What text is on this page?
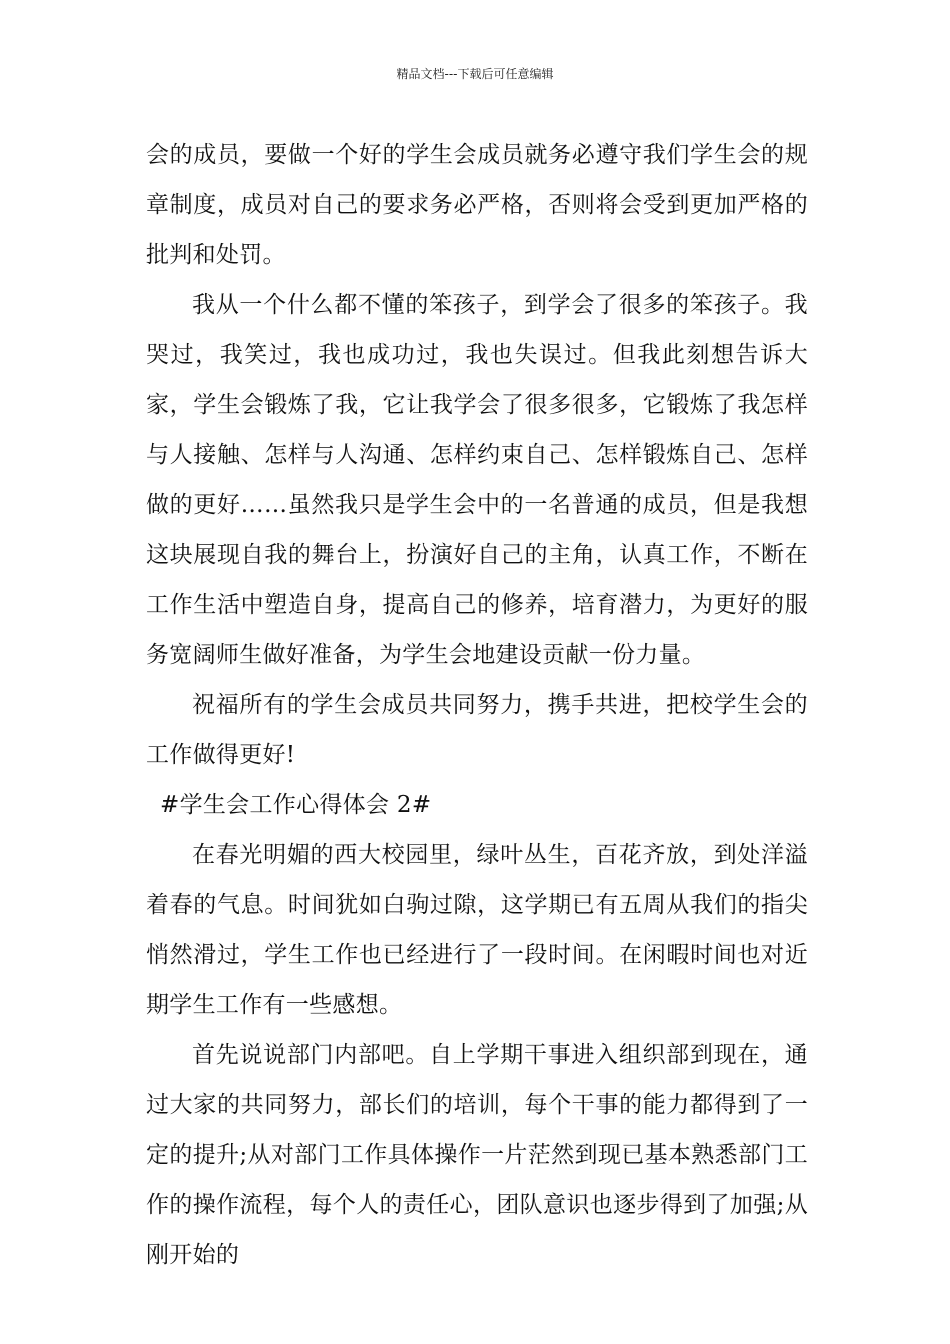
精品文档---下载后可任意编辑

会的成员，要做一个好的学生会成员就务必遵守我们学生会的规章制度，成员对自己的要求务必严格，否则将会受到更加严格的批判和处罚。

我从一个什么都不懂的笨孩子，到学会了很多的笨孩子。我哭过，我笑过，我也成功过，我也失误过。但我此刻想告诉大家，学生会锻炼了我，它让我学会了很多很多，它锻炼了我怎样与人接触、怎样与人沟通、怎样约束自己、怎样锻炼自己、怎样做的更好……虽然我只是学生会中的一名普通的成员，但是我想这块展现自我的舞台上，扮演好自己的主角，认真工作，不断在工作生活中塑造自身，提高自己的修养，培育潜力，为更好的服务宽阔师生做好准备，为学生会地建设贡献一份力量。

祝福所有的学生会成员共同努力，携手共进，把校学生会的工作做得更好!

#学生会工作心得体会 2#

在春光明媚的西大校园里，绿叶丛生，百花齐放，到处洋溢着春的气息。时间犹如白驹过隙，这学期已有五周从我们的指尖悄然滑过，学生工作也已经进行了一段时间。在闲暇时间也对近期学生工作有一些感想。

首先说说部门内部吧。自上学期干事进入组织部到现在，通过大家的共同努力，部长们的培训，每个干事的能力都得到了一定的提升;从对部门工作具体操作一片茫然到现已基本熟悉部门工作的操作流程，每个人的责任心，团队意识也逐步得到了加强;从刚开始的
